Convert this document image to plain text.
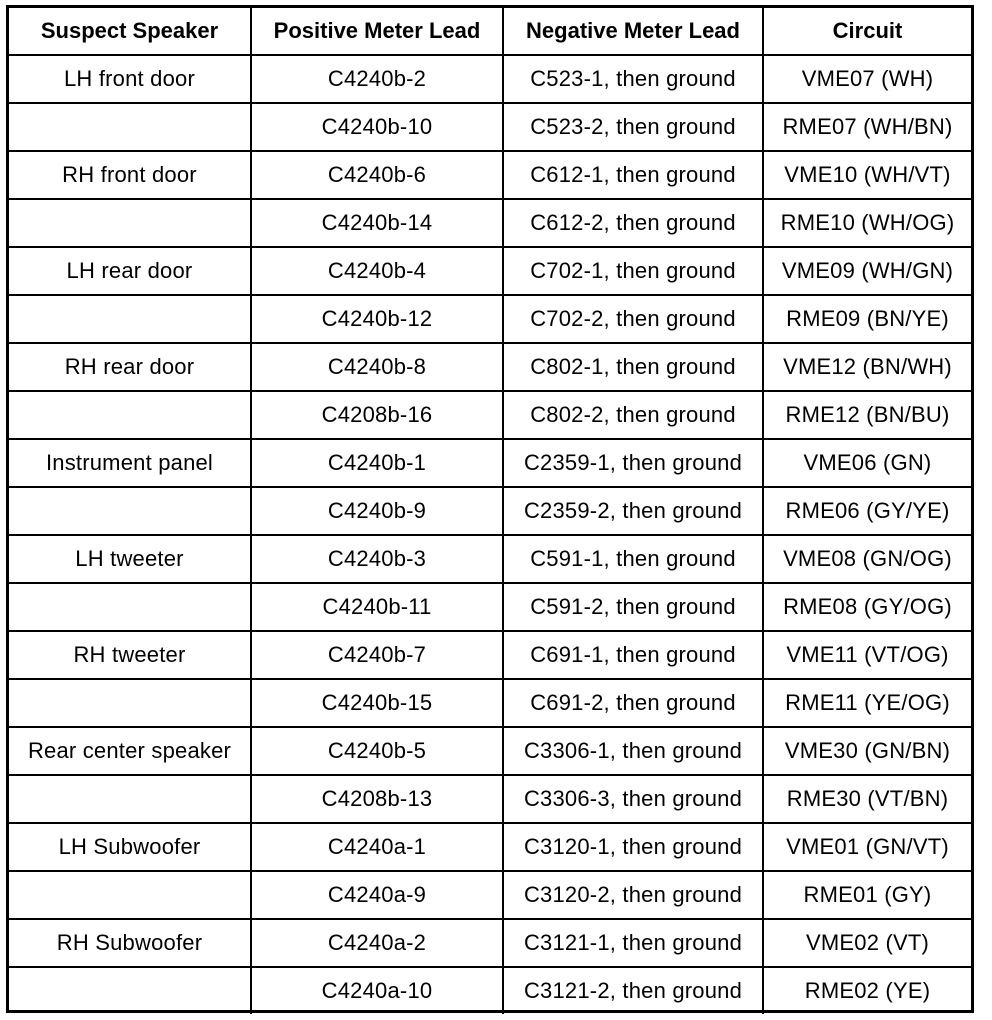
Suspect Speaker	Positive Meter Lead	Negative Meter Lead	Circuit
LH front door	C4240b-2	C523-1, then ground	VME07 (WH)
	C4240b-10	C523-2, then ground	RME07 (WH/BN)
RH front door	C4240b-6	C612-1, then ground	VME10 (WH/VT)
	C4240b-14	C612-2, then ground	RME10 (WH/OG)
LH rear door	C4240b-4	C702-1, then ground	VME09 (WH/GN)
	C4240b-12	C702-2, then ground	RME09 (BN/YE)
RH rear door	C4240b-8	C802-1, then ground	VME12 (BN/WH)
	C4208b-16	C802-2, then ground	RME12 (BN/BU)
Instrument panel	C4240b-1	C2359-1, then ground	VME06 (GN)
	C4240b-9	C2359-2, then ground	RME06 (GY/YE)
LH tweeter	C4240b-3	C591-1, then ground	VME08 (GN/OG)
	C4240b-11	C591-2, then ground	RME08 (GY/OG)
RH tweeter	C4240b-7	C691-1, then ground	VME11 (VT/OG)
	C4240b-15	C691-2, then ground	RME11 (YE/OG)
Rear center speaker	C4240b-5	C3306-1, then ground	VME30 (GN/BN)
	C4208b-13	C3306-3, then ground	RME30 (VT/BN)
LH Subwoofer	C4240a-1	C3120-1, then ground	VME01 (GN/VT)
	C4240a-9	C3120-2, then ground	RME01 (GY)
RH Subwoofer	C4240a-2	C3121-1, then ground	VME02 (VT)
	C4240a-10	C3121-2, then ground	RME02 (YE)
